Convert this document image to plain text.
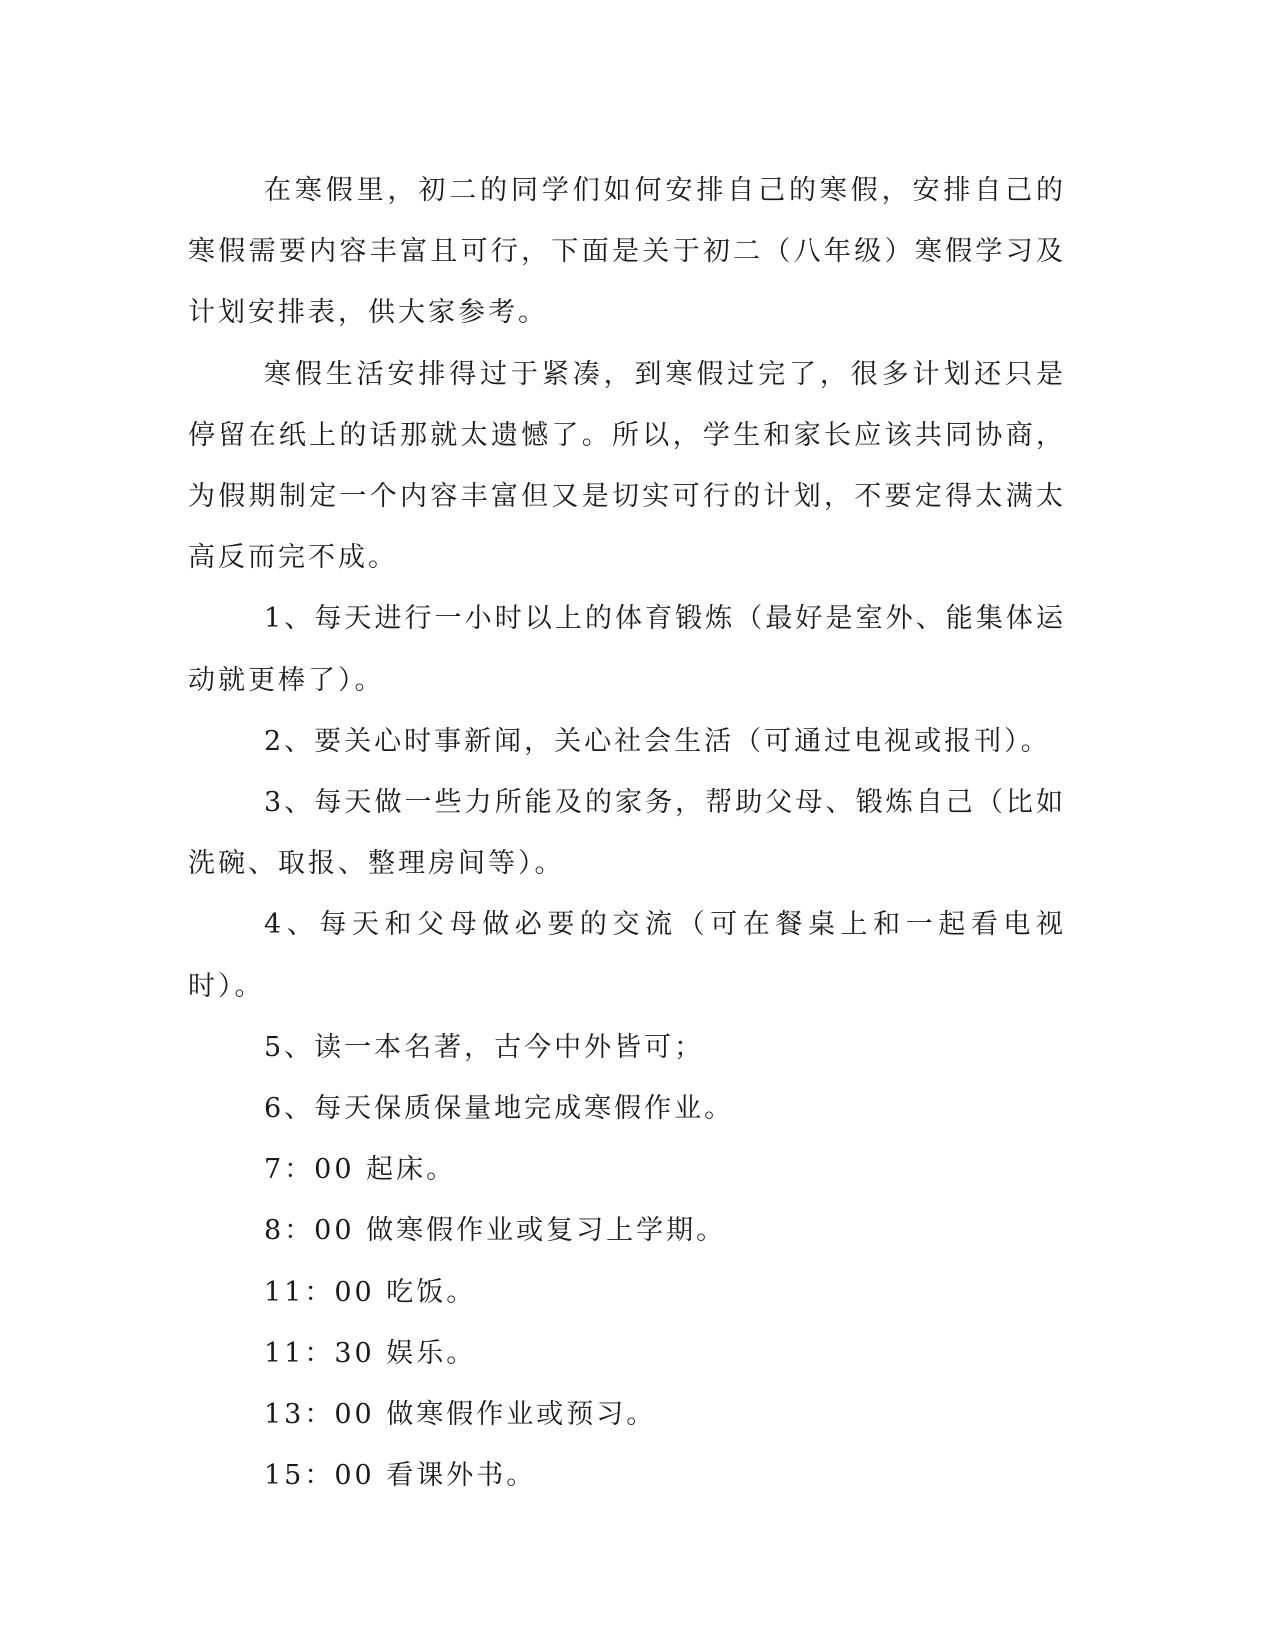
在寒假里，初二的同学们如何安排自己的寒假，安排自己的寒假需要内容丰富且可行，下面是关于初二（八年级）寒假学习及计划安排表，供大家参考。

寒假生活安排得过于紧凑，到寒假过完了，很多计划还只是停留在纸上的话那就太遗憾了。所以，学生和家长应该共同协商，为假期制定一个内容丰富但又是切实可行的计划，不要定得太满太高反而完不成。

1、每天进行一小时以上的体育锻炼（最好是室外、能集体运动就更棒了）。

2、要关心时事新闻，关心社会生活（可通过电视或报刊）。

3、每天做一些力所能及的家务，帮助父母、锻炼自己（比如洗碗、取报、整理房间等）。

4、每天和父母做必要的交流（可在餐桌上和一起看电视时）。

5、读一本名著，古今中外皆可；

6、每天保质保量地完成寒假作业。

7：00 起床。

8：00 做寒假作业或复习上学期。

11：00 吃饭。

11：30 娱乐。

13：00 做寒假作业或预习。

15：00 看课外书。
